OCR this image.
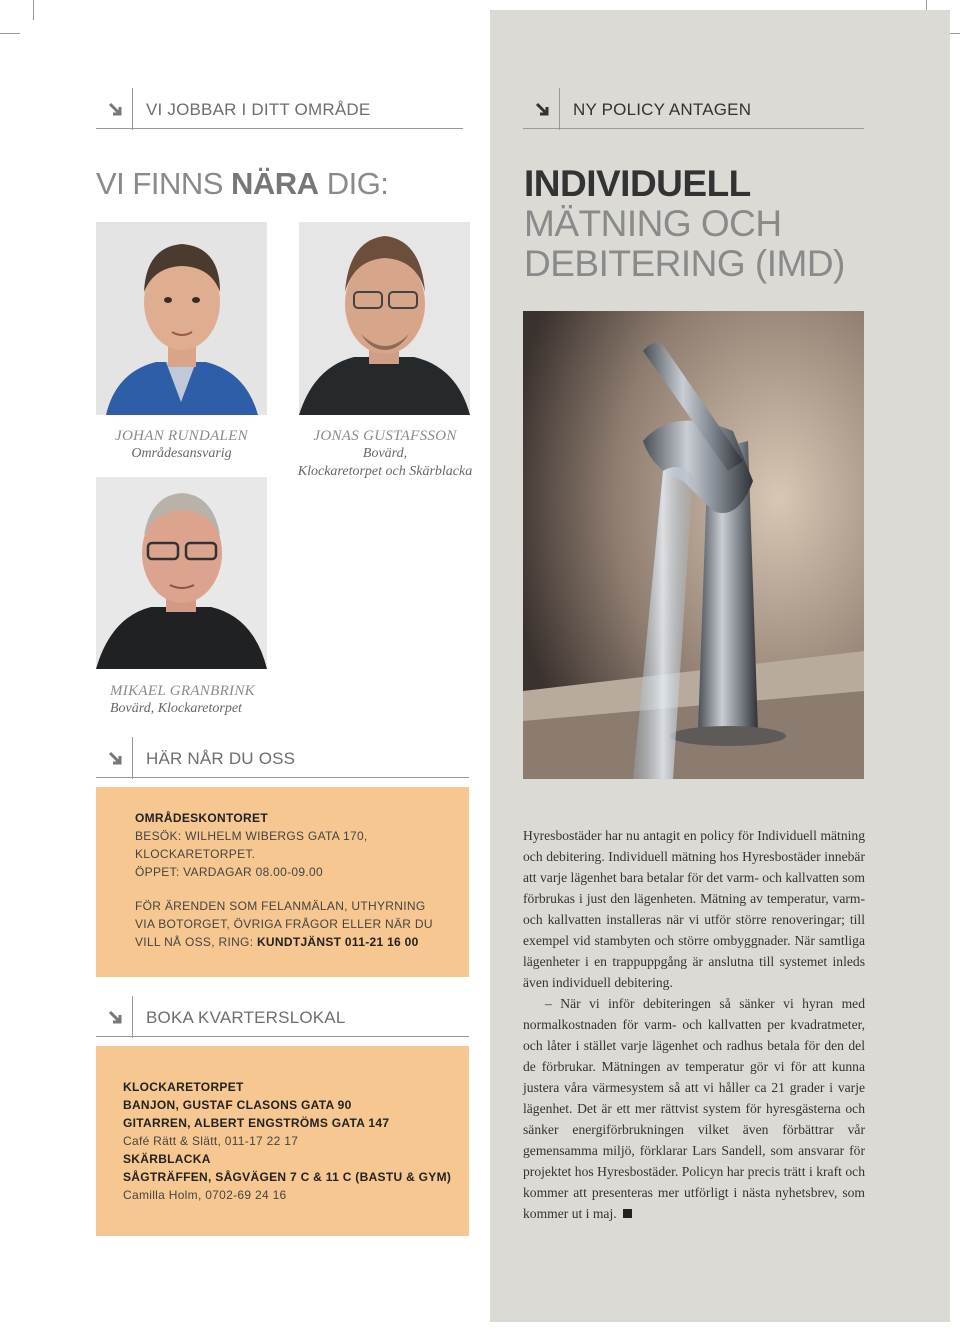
VI JOBBAR I DITT OMRÅDE
VI FINNS NÄRA DIG:
JOHAN RUNDALEN
Områdesansvarig
JONAS GUSTAFSSON
Bovärd,
Klockaretorpet och Skärblacka
MIKAEL GRANBRINK
Bovärd, Klockaretorpet
HÄR NÅR DU OSS
OMRÅDESKONTORET
BESÖK: WILHELM WIBERGS GATA 170,
KLOCKARETORPET.
ÖPPET: VARDAGAR 08.00-09.00
FÖR ÄRENDEN SOM FELANMÄLAN, UTHYRNING
VIA BOTORGET, ÖVRIGA FRÅGOR ELLER NÄR DU
VILL NÅ OSS, RING: KUNDTJÄNST 011-21 16 00
BOKA KVARTERSLOKAL
KLOCKARETORPET
BANJON, GUSTAF CLASONS GATA 90
GITARREN, ALBERT ENGSTRÖMS GATA 147
Café Rätt & Slätt, 011-17 22 17
SKÄRBLACKA
SÅGTRÄFFEN, SÅGVÄGEN 7 C & 11 C (BASTU & GYM)
Camilla Holm, 0702-69 24 16
NY POLICY ANTAGEN
INDIVIDUELL
MÄTNING OCH
DEBITERING (IMD)

Hyresbostäder har nu antagit en policy för Individuell mätning och debitering. Individuell mätning hos Hyresbostäder innebär att varje lägenhet bara betalar för det varm- och kallvatten som förbrukas i just den lägenheten. Mätning av temperatur, varm- och kallvatten installeras när vi utför större renoveringar; till exempel vid stambyten och större ombyggnader. När samtliga lägenheter i en trappuppgång är anslutna till systemet inleds även individuell debitering.

– När vi inför debiteringen så sänker vi hyran med normalkostnaden för varm- och kallvatten per kvadratmeter, och låter i stället varje lägenhet och radhus betala för den del de förbrukar. Mätningen av temperatur gör vi för att kunna justera våra värmesystem så att vi håller ca 21 grader i varje lägenhet. Det är ett mer rättvist system för hyresgästerna och sänker energiförbrukningen vilket även förbättrar vår gemensamma miljö, förklarar Lars Sandell, som ansvarar för projektet hos Hyresbostäder. Policyn har precis trätt i kraft och kommer att presenteras mer utförligt i nästa nyhetsbrev, som kommer ut i maj.
